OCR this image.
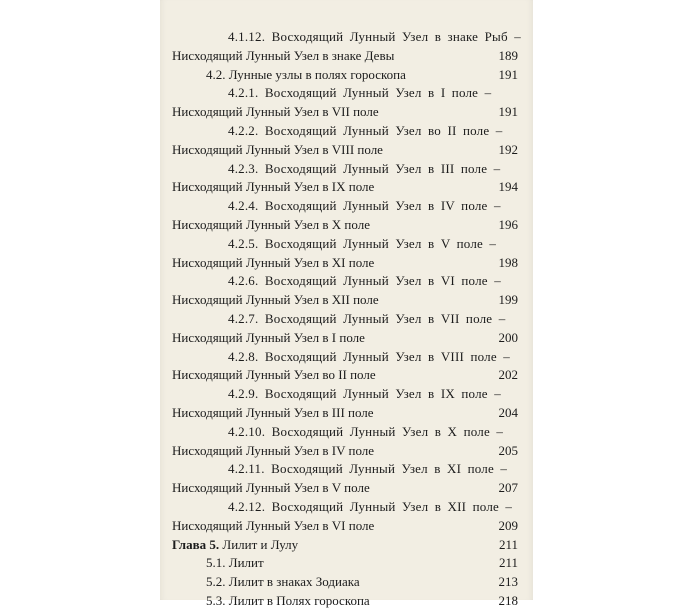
4.1.12. Восходящий Лунный Узел в знаке Рыб –
Нисходящий Лунный Узел в знаке Девы	189
4.2. Лунные узлы в полях гороскопа	191
4.2.1. Восходящий Лунный Узел в I поле –
Нисходящий Лунный Узел в VII поле	191
4.2.2. Восходящий Лунный Узел во II поле –
Нисходящий Лунный Узел в VIII поле	192
4.2.3. Восходящий Лунный Узел в III поле –
Нисходящий Лунный Узел в IX поле	194
4.2.4. Восходящий Лунный Узел в IV поле –
Нисходящий Лунный Узел в X поле	196
4.2.5. Восходящий Лунный Узел в V поле –
Нисходящий Лунный Узел в XI поле	198
4.2.6. Восходящий Лунный Узел в VI поле –
Нисходящий Лунный Узел в XII поле	199
4.2.7. Восходящий Лунный Узел в VII поле –
Нисходящий Лунный Узел в I поле	200
4.2.8. Восходящий Лунный Узел в VIII поле –
Нисходящий Лунный Узел во II поле	202
4.2.9. Восходящий Лунный Узел в IX поле –
Нисходящий Лунный Узел в III поле	204
4.2.10. Восходящий Лунный Узел в X поле –
Нисходящий Лунный Узел в IV поле	205
4.2.11. Восходящий Лунный Узел в XI поле –
Нисходящий Лунный Узел в V поле	207
4.2.12. Восходящий Лунный Узел в XII поле –
Нисходящий Лунный Узел в VI поле	209
Глава 5. Лилит и Лулу	211
5.1. Лилит	211
5.2. Лилит в знаках Зодиака	213
5.3. Лилит в Полях гороскопа	218
